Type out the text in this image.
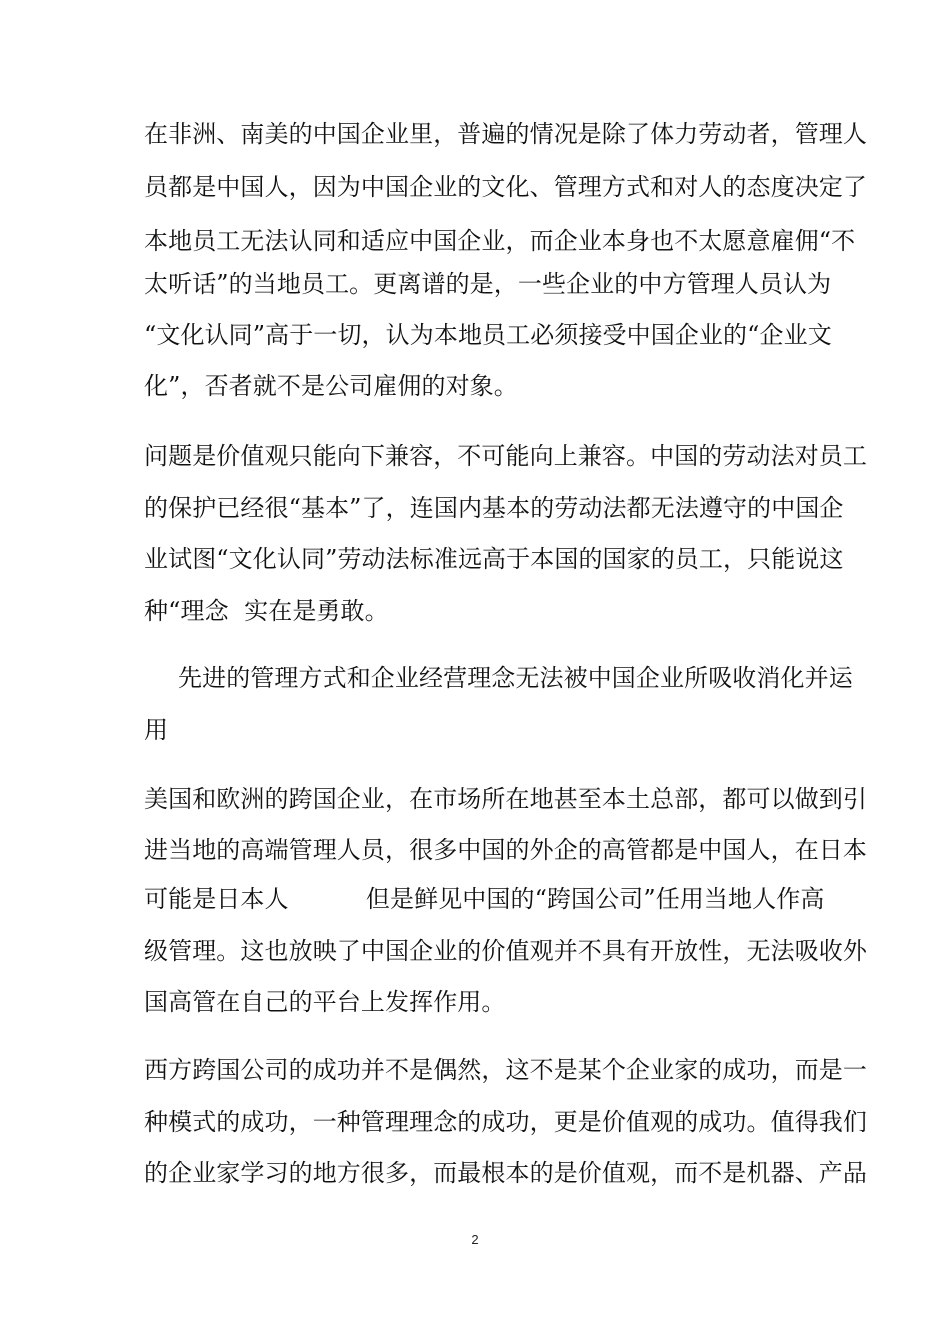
在非洲、南美的中国企业里，普遍的情况是除了体力劳动者，管理人
员都是中国人，因为中国企业的文化、管理方式和对人的态度决定了
本地员工无法认同和适应中国企业，而企业本身也不太愿意雇佣“不
太听话”的当地员工。更离谱的是，一些企业的中方管理人员认为
“文化认同”高于一切，认为本地员工必须接受中国企业的“企业文
化”，否者就不是公司雇佣的对象。
问题是价值观只能向下兼容，不可能向上兼容。中国的劳动法对员工
的保护已经很“基本”了，连国内基本的劳动法都无法遵守的中国企
业试图“文化认同”劳动法标准远高于本国的国家的员工，只能说这
种“理念  实在是勇敢。
先进的管理方式和企业经营理念无法被中国企业所吸收消化并运
用
美国和欧洲的跨国企业，在市场所在地甚至本土总部，都可以做到引
进当地的高端管理人员，很多中国的外企的高管都是中国人，在日本
可能是日本人          但是鲜见中国的“跨国公司”任用当地人作高
级管理。这也放映了中国企业的价值观并不具有开放性，无法吸收外
国高管在自己的平台上发挥作用。
西方跨国公司的成功并不是偶然，这不是某个企业家的成功，而是一
种模式的成功，一种管理理念的成功，更是价值观的成功。值得我们
的企业家学习的地方很多，而最根本的是价值观，而不是机器、产品
2
